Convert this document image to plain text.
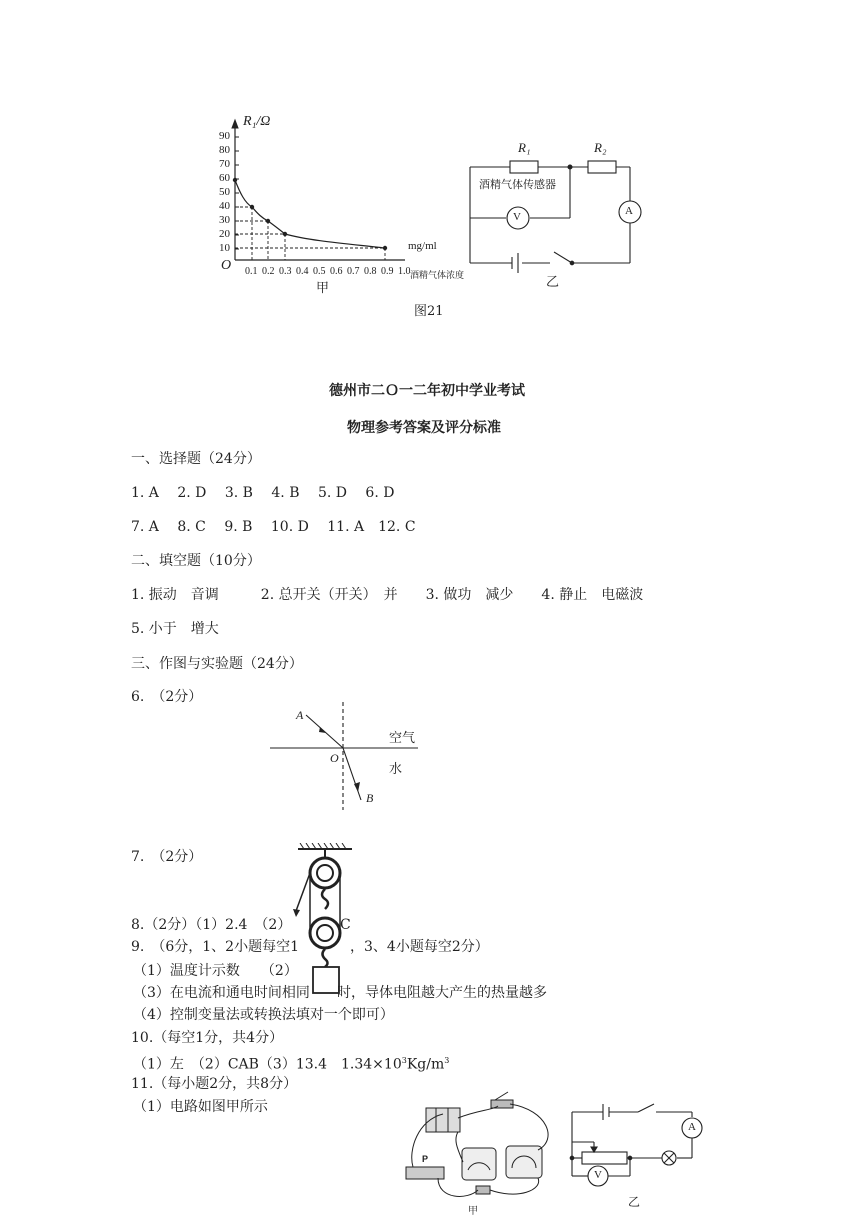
R₁/Ω
90
80
70
60
50
40
30
20
10
O 0.1 0.2 0.3 0.4 0.5 0.6 0.7 0.8 0.9 1.0
mg/ml
酒精气体浓度
甲
R₁	R₂
酒精气体传感器
V	A
乙
图21
德州市二Ｏ一二年初中学业考试
物理参考答案及评分标准
一、选择题（24分）
1. A　 2. D　 3. B　 4. B　 5. D　 6. D
7. A　 8. C　 9. B　 10. D　 11. A　12. C
二、填空题（10分）
1. 振动　音调　　　2. 总开关（开关）　并　　3. 做功　减少　　4. 静止　电磁波
5. 小于　增大
三、作图与实验题（24分）
6.　（2分）
A
O
B
空气
水
7.　（2分）
8.（2分）（1）2.4　（2）	C
9.　（6分，1、2小题每空1	，3、4小题每空2分）
（1）温度计示数　　（2）
（3）在电流和通电时间相同 时，导体电阻越大产生的热量越多
（4）控制变量法或转换法填对一个即可）
10.（每空1分，共4分）
（1）左　（2）CAB（3）13.4　$1.34\times 10^3Kg/m^3$
11.（每小题2分，共8分）
（1）电路如图甲所示
P
甲
A
V
乙
